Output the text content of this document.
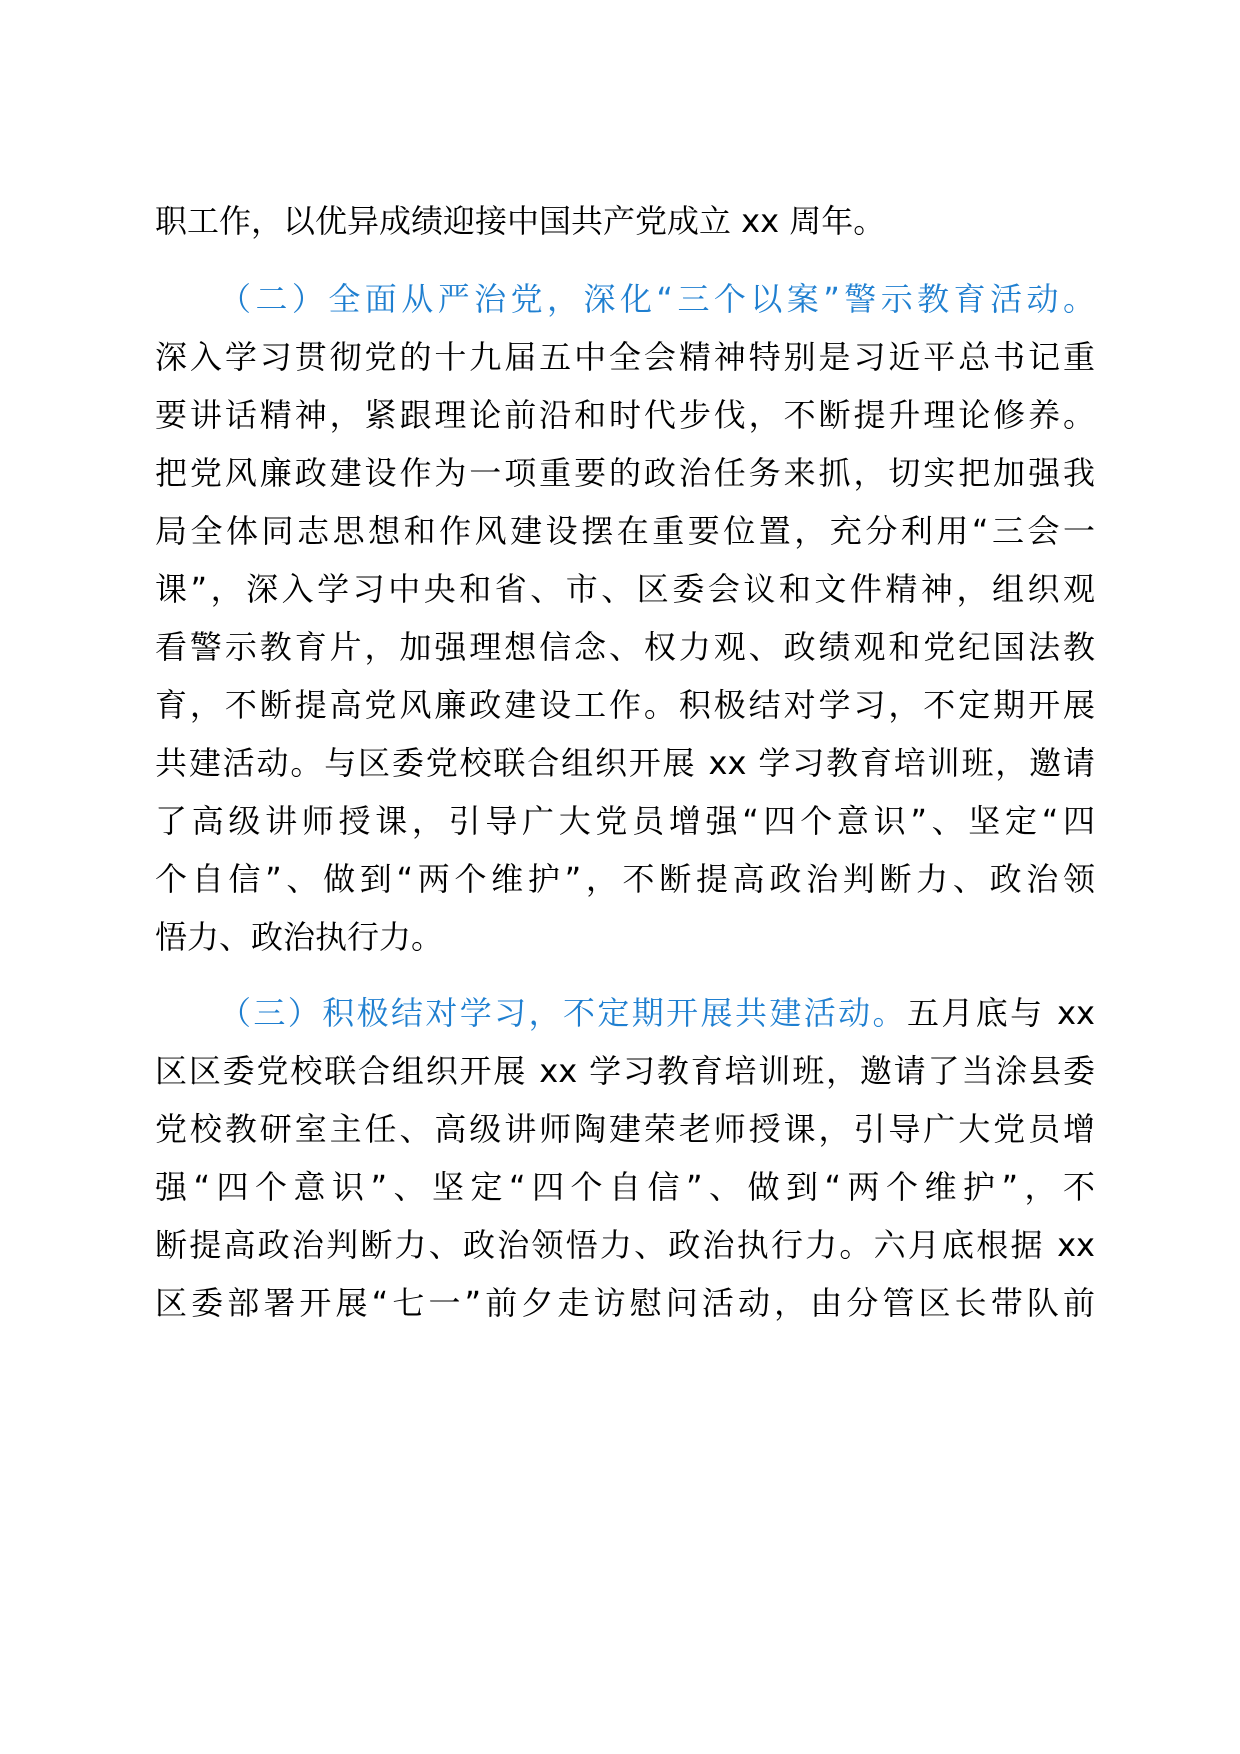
职工作，以优异成绩迎接中国共产党成立 xx 周年。
（二）全面从严治党，深化“三个以案”警示教育活动。
深入学习贯彻党的十九届五中全会精神特别是习近平总书记重
要讲话精神，紧跟理论前沿和时代步伐，不断提升理论修养。
把党风廉政建设作为一项重要的政治任务来抓，切实把加强我
局全体同志思想和作风建设摆在重要位置，充分利用“三会一
课”，深入学习中央和省、市、区委会议和文件精神，组织观
看警示教育片，加强理想信念、权力观、政绩观和党纪国法教
育，不断提高党风廉政建设工作。积极结对学习，不定期开展
共建活动。与区委党校联合组织开展 xx 学习教育培训班，邀请
了高级讲师授课，引导广大党员增强“四个意识”、坚定“四
个自信”、做到“两个维护”，不断提高政治判断力、政治领
悟力、政治执行力。
（三）积极结对学习，不定期开展共建活动。五月底与 xx
区区委党校联合组织开展 xx 学习教育培训班，邀请了当涂县委
党校教研室主任、高级讲师陶建荣老师授课，引导广大党员增
强“四个意识”、坚定“四个自信”、做到“两个维护”，不
断提高政治判断力、政治领悟力、政治执行力。六月底根据 xx
区委部署开展“七一”前夕走访慰问活动，由分管区长带队前
